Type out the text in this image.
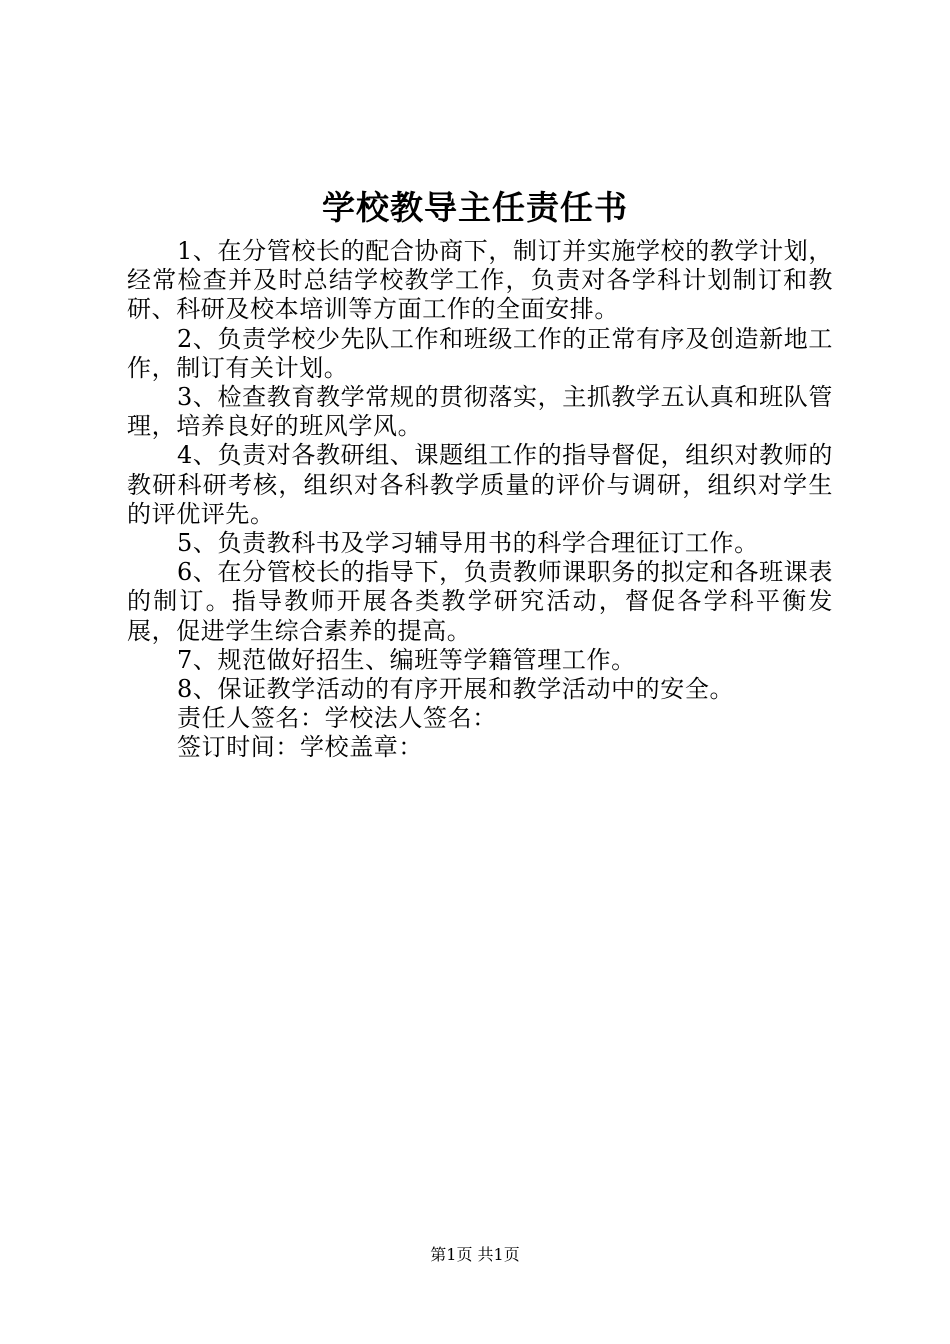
学校教导主任责任书

1、在分管校长的配合协商下，制订并实施学校的教学计划，经常检查并及时总结学校教学工作，负责对各学科计划制订和教研、科研及校本培训等方面工作的全面安排。

2、负责学校少先队工作和班级工作的正常有序及创造新地工作，制订有关计划。

3、检查教育教学常规的贯彻落实，主抓教学五认真和班队管理，培养良好的班风学风。

4、负责对各教研组、课题组工作的指导督促，组织对教师的教研科研考核，组织对各科教学质量的评价与调研，组织对学生的评优评先。

5、负责教科书及学习辅导用书的科学合理征订工作。

6、在分管校长的指导下，负责教师课职务的拟定和各班课表的制订。指导教师开展各类教学研究活动，督促各学科平衡发展，促进学生综合素养的提高。

7、规范做好招生、编班等学籍管理工作。

8、保证教学活动的有序开展和教学活动中的安全。

责任人签名：学校法人签名：

签订时间：学校盖章：

第1页 共1页
